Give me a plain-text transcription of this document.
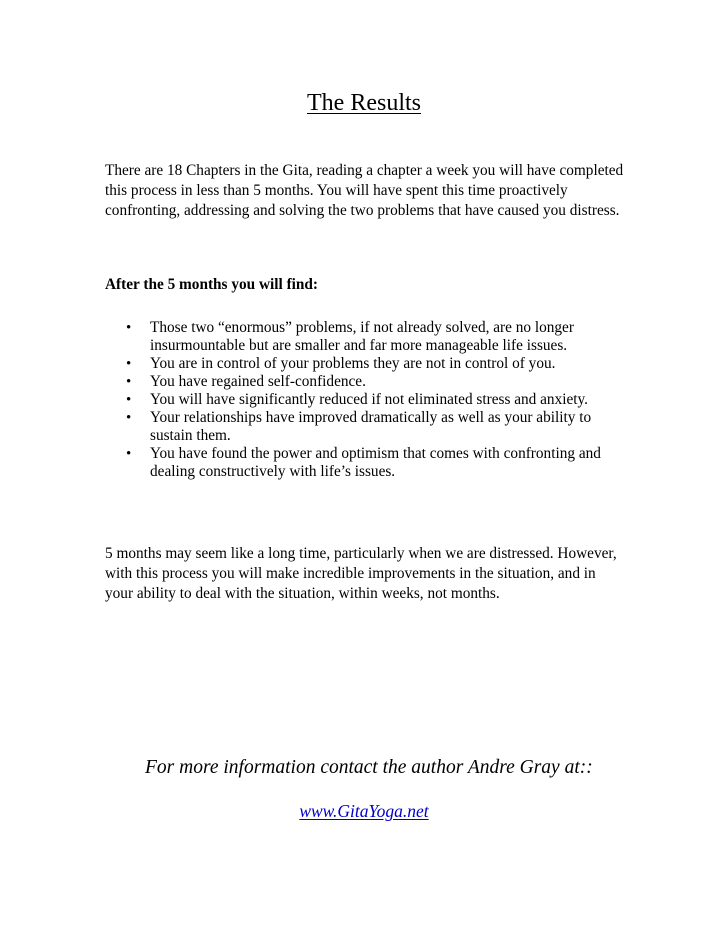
The Results

There are 18 Chapters in the Gita, reading a chapter a week you will have completed this process in less than 5 months. You will have spent this time proactively confronting, addressing and solving the two problems that have caused you distress.

After the 5 months you will find:
• Those two “enormous” problems, if not already solved, are no longer insurmountable but are smaller and far more manageable life issues.
• You are in control of your problems they are not in control of you.
• You have regained self-confidence.
• You will have significantly reduced if not eliminated stress and anxiety.
• Your relationships have improved dramatically as well as your ability to sustain them.
• You have found the power and optimism that comes with confronting and dealing constructively with life’s issues.

5 months may seem like a long time, particularly when we are distressed. However, with this process you will make incredible improvements in the situation, and in your ability to deal with the situation, within weeks, not months.

For more information contact the author Andre Gray at::
www.GitaYoga.net
